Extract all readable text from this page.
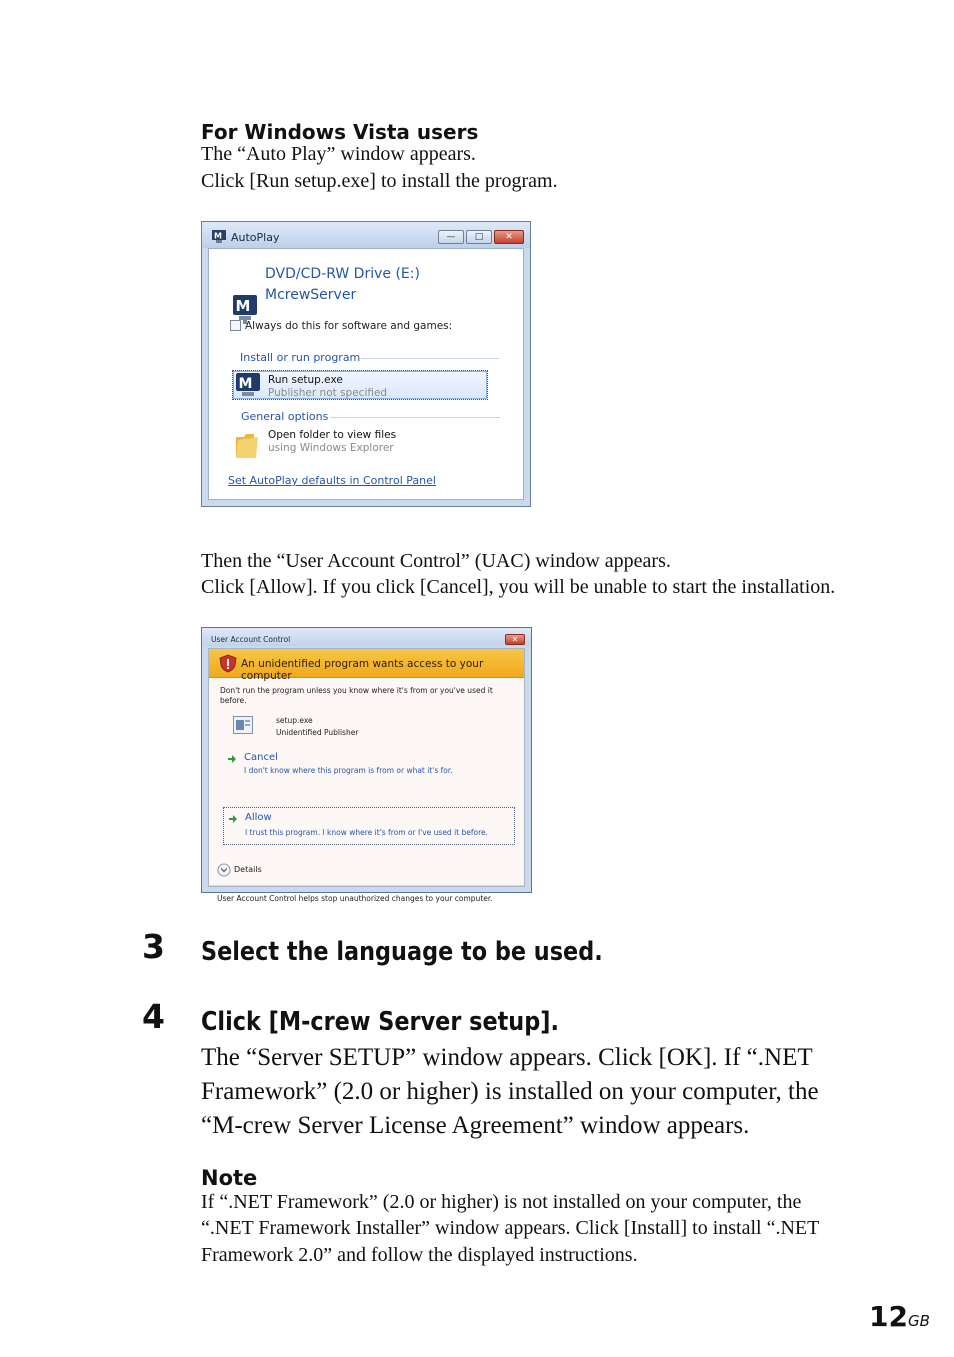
For Windows Vista users
The “Auto Play” window appears.
Click [Run setup.exe] to install the program.
M AutoPlay	—	□	✕
M
DVD/CD-RW Drive (E:)
McrewServer
Always do this for software and games:
Install or run program
M Run setup.exe
Publisher not specified
General options
Open folder to view files
using Windows Explorer
Set AutoPlay defaults in Control Panel
Then the “User Account Control” (UAC) window appears.
Click [Allow]. If you click [Cancel], you will be unable to start the installation.
User Account Control	✕
An unidentified program wants access to your computer
Don't run the program unless you know where it's from or you've used it
before.
setup.exe
Unidentified Publisher
Cancel
I don't know where this program is from or what it's for.
Allow
I trust this program. I know where it's from or I've used it before.
Details
User Account Control helps stop unauthorized changes to your computer.
3 Select the language to be used.
4 Click [M-crew Server setup].
The “Server SETUP” window appears. Click [OK]. If “.NET
Framework” (2.0 or higher) is installed on your computer, the
“M-crew Server License Agreement” window appears.
Note
If “.NET Framework” (2.0 or higher) is not installed on your computer, the
“.NET Framework Installer” window appears. Click [Install] to install “.NET
Framework 2.0” and follow the displayed instructions.
12GB
